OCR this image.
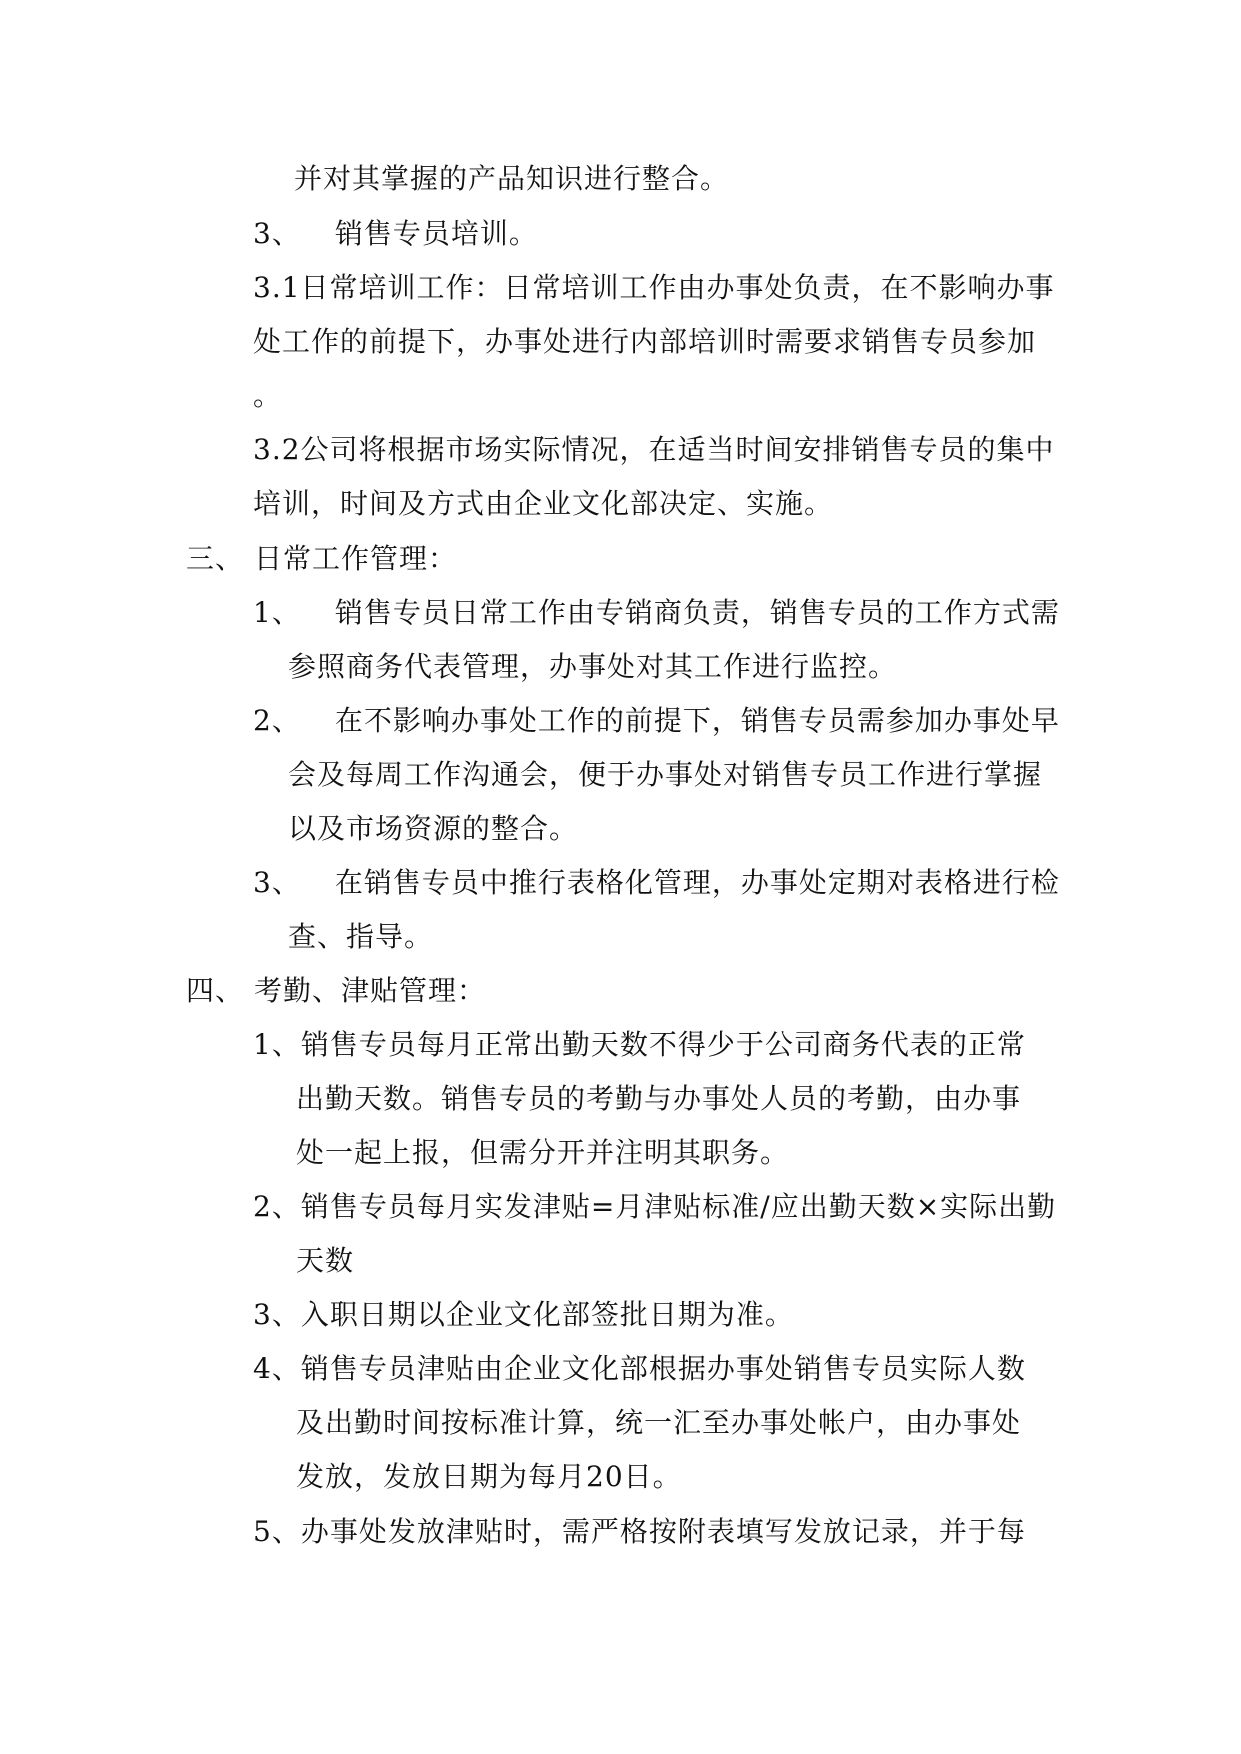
并对其掌握的产品知识进行整合。
3、 销售专员培训。
3.1日常培训工作：日常培训工作由办事处负责，在不影响办事
处工作的前提下，办事处进行内部培训时需要求销售专员参加
。
3.2公司将根据市场实际情况，在适当时间安排销售专员的集中
培训，时间及方式由企业文化部决定、实施。
三、 日常工作管理：
1、 销售专员日常工作由专销商负责，销售专员的工作方式需
参照商务代表管理，办事处对其工作进行监控。
2、 在不影响办事处工作的前提下，销售专员需参加办事处早
会及每周工作沟通会，便于办事处对销售专员工作进行掌握
以及市场资源的整合。
3、 在销售专员中推行表格化管理，办事处定期对表格进行检
查、指导。
四、 考勤、津贴管理：
1、销售专员每月正常出勤天数不得少于公司商务代表的正常
出勤天数。销售专员的考勤与办事处人员的考勤，由办事
处一起上报，但需分开并注明其职务。
2、销售专员每月实发津贴=月津贴标准/应出勤天数×实际出勤
天数
3、入职日期以企业文化部签批日期为准。
4、销售专员津贴由企业文化部根据办事处销售专员实际人数
及出勤时间按标准计算，统一汇至办事处帐户，由办事处
发放，发放日期为每月20日。
5、办事处发放津贴时，需严格按附表填写发放记录，并于每
